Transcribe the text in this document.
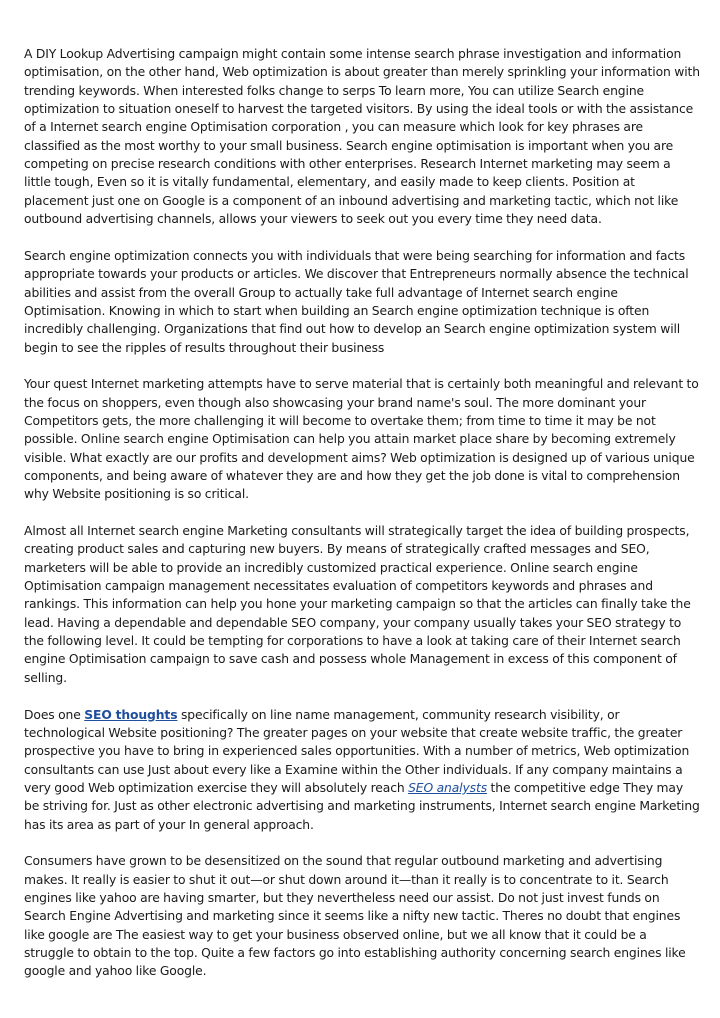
A DIY Lookup Advertising campaign might contain some intense search phrase investigation and information optimisation, on the other hand, Web optimization is about greater than merely sprinkling your information with trending keywords. When interested folks change to serps To learn more, You can utilize Search engine optimization to situation oneself to harvest the targeted visitors. By using the ideal tools or with the assistance of a Internet search engine Optimisation corporation , you can measure which look for key phrases are classified as the most worthy to your small business. Search engine optimisation is important when you are competing on precise research conditions with other enterprises. Research Internet marketing may seem a little tough, Even so it is vitally fundamental, elementary, and easily made to keep clients. Position at placement just one on Google is a component of an inbound advertising and marketing tactic, which not like outbound advertising channels, allows your viewers to seek out you every time they need data.

Search engine optimization connects you with individuals that were being searching for information and facts appropriate towards your products or articles. We discover that Entrepreneurs normally absence the technical abilities and assist from the overall Group to actually take full advantage of Internet search engine Optimisation. Knowing in which to start when building an Search engine optimization technique is often incredibly challenging. Organizations that find out how to develop an Search engine optimization system will begin to see the ripples of results throughout their business

Your quest Internet marketing attempts have to serve material that is certainly both meaningful and relevant to the focus on shoppers, even though also showcasing your brand name's soul. The more dominant your Competitors gets, the more challenging it will become to overtake them; from time to time it may be not possible. Online search engine Optimisation can help you attain market place share by becoming extremely visible. What exactly are our profits and development aims? Web optimization is designed up of various unique components, and being aware of whatever they are and how they get the job done is vital to comprehension why Website positioning is so critical.

Almost all Internet search engine Marketing consultants will strategically target the idea of building prospects, creating product sales and capturing new buyers. By means of strategically crafted messages and SEO, marketers will be able to provide an incredibly customized practical experience. Online search engine Optimisation campaign management necessitates evaluation of competitors keywords and phrases and rankings. This information can help you hone your marketing campaign so that the articles can finally take the lead. Having a dependable and dependable SEO company, your company usually takes your SEO strategy to the following level. It could be tempting for corporations to have a look at taking care of their Internet search engine Optimisation campaign to save cash and possess whole Management in excess of this component of selling.

Does one SEO thoughts specifically on line name management, community research visibility, or technological Website positioning? The greater pages on your website that create website traffic, the greater prospective you have to bring in experienced sales opportunities. With a number of metrics, Web optimization consultants can use Just about every like a Examine within the Other individuals. If any company maintains a very good Web optimization exercise they will absolutely reach SEO analysts the competitive edge They may be striving for. Just as other electronic advertising and marketing instruments, Internet search engine Marketing has its area as part of your In general approach.

Consumers have grown to be desensitized on the sound that regular outbound marketing and advertising makes. It really is easier to shut it out—or shut down around it—than it really is to concentrate to it. Search engines like yahoo are having smarter, but they nevertheless need our assist. Do not just invest funds on Search Engine Advertising and marketing since it seems like a nifty new tactic. Theres no doubt that engines like google are The easiest way to get your business observed online, but we all know that it could be a struggle to obtain to the top. Quite a few factors go into establishing authority concerning search engines like google and yahoo like Google.
